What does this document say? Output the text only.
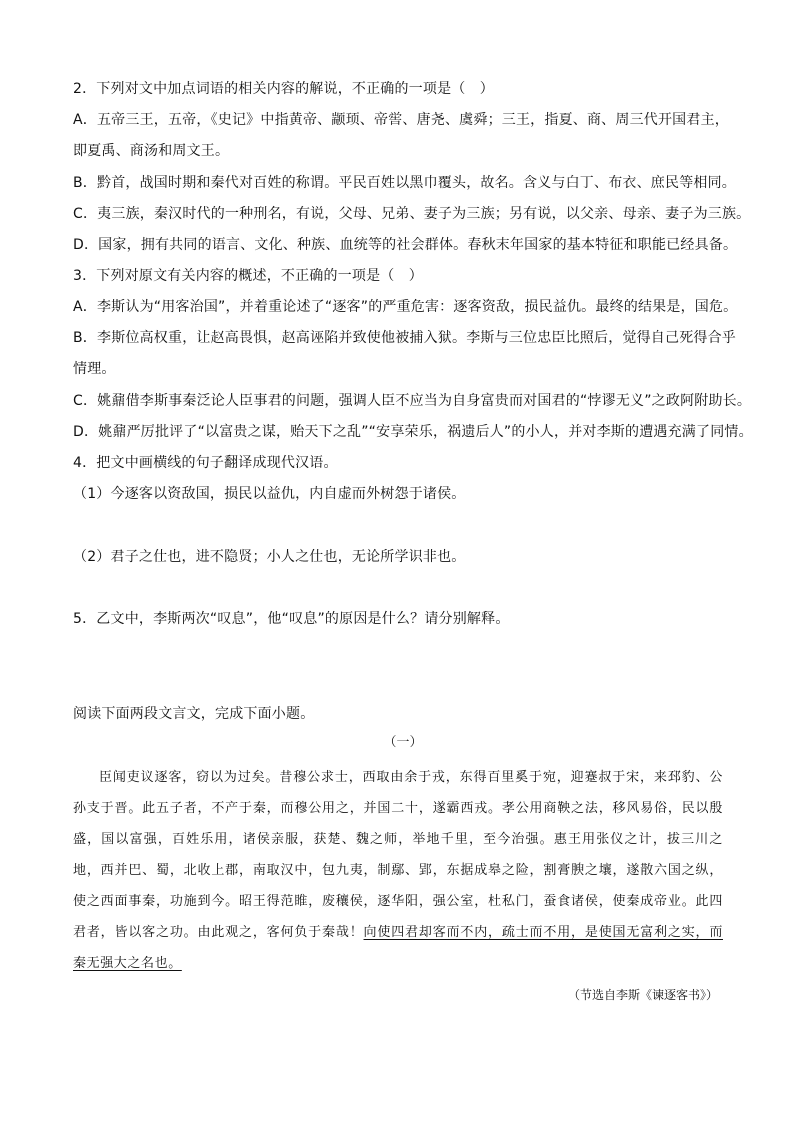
2．下列对文中加点词语的相关内容的解说，不正确的一项是（　）
A．五帝三王，五帝，《史记》中指黄帝、颛顼、帝喾、唐尧、虞舜；三王，指夏、商、周三代开国君主，
即夏禹、商汤和周文王。
B．黔首，战国时期和秦代对百姓的称谓。平民百姓以黑巾覆头，故名。含义与白丁、布衣、庶民等相同。
C．夷三族，秦汉时代的一种刑名，有说，父母、兄弟、妻子为三族；另有说，以父亲、母亲、妻子为三族。
D．国家，拥有共同的语言、文化、种族、血统等的社会群体。春秋末年国家的基本特征和职能已经具备。
3．下列对原文有关内容的概述，不正确的一项是（　）
A．李斯认为“用客治国”，并着重论述了“逐客”的严重危害：逐客资敌，损民益仇。最终的结果是，国危。
B．李斯位高权重，让赵高畏惧，赵高诬陷并致使他被捕入狱。李斯与三位忠臣比照后，觉得自己死得合乎
情理。
C．姚鼐借李斯事秦泛论人臣事君的问题，强调人臣不应当为自身富贵而对国君的“悖谬无义”之政阿附助长。
D．姚鼐严厉批评了“以富贵之谋，贻天下之乱”“安享荣乐，祸遗后人”的小人，并对李斯的遭遇充满了同情。
4．把文中画横线的句子翻译成现代汉语。
（1）今逐客以资敌国，损民以益仇，内自虚而外树怨于诸侯。
（2）君子之仕也，进不隐贤；小人之仕也，无论所学识非也。
5．乙文中，李斯两次“叹息”，他“叹息”的原因是什么？请分别解释。
阅读下面两段文言文，完成下面小题。
（一）

臣闻吏议逐客，窃以为过矣。昔穆公求士，西取由余于戎，东得百里奚于宛，迎蹇叔于宋，来邳豹、公孙支于晋。此五子者，不产于秦，而穆公用之，并国二十，遂霸西戎。孝公用商鞅之法，移风易俗，民以殷盛，国以富强，百姓乐用，诸侯亲服，获楚、魏之师，举地千里，至今治强。惠王用张仪之计，拔三川之地，西并巴、蜀，北收上郡，南取汉中，包九夷，制鄢、郢，东据成皋之险，割膏腴之壤，遂散六国之纵，使之西面事秦，功施到今。昭王得范睢，废穰侯，逐华阳，强公室，杜私门，蚕食诸侯，使秦成帝业。此四君者，皆以客之功。由此观之，客何负于秦哉！向使四君却客而不内，疏士而不用，是使国无富利之实，而秦无强大之名也。

（节选自李斯《谏逐客书》）
